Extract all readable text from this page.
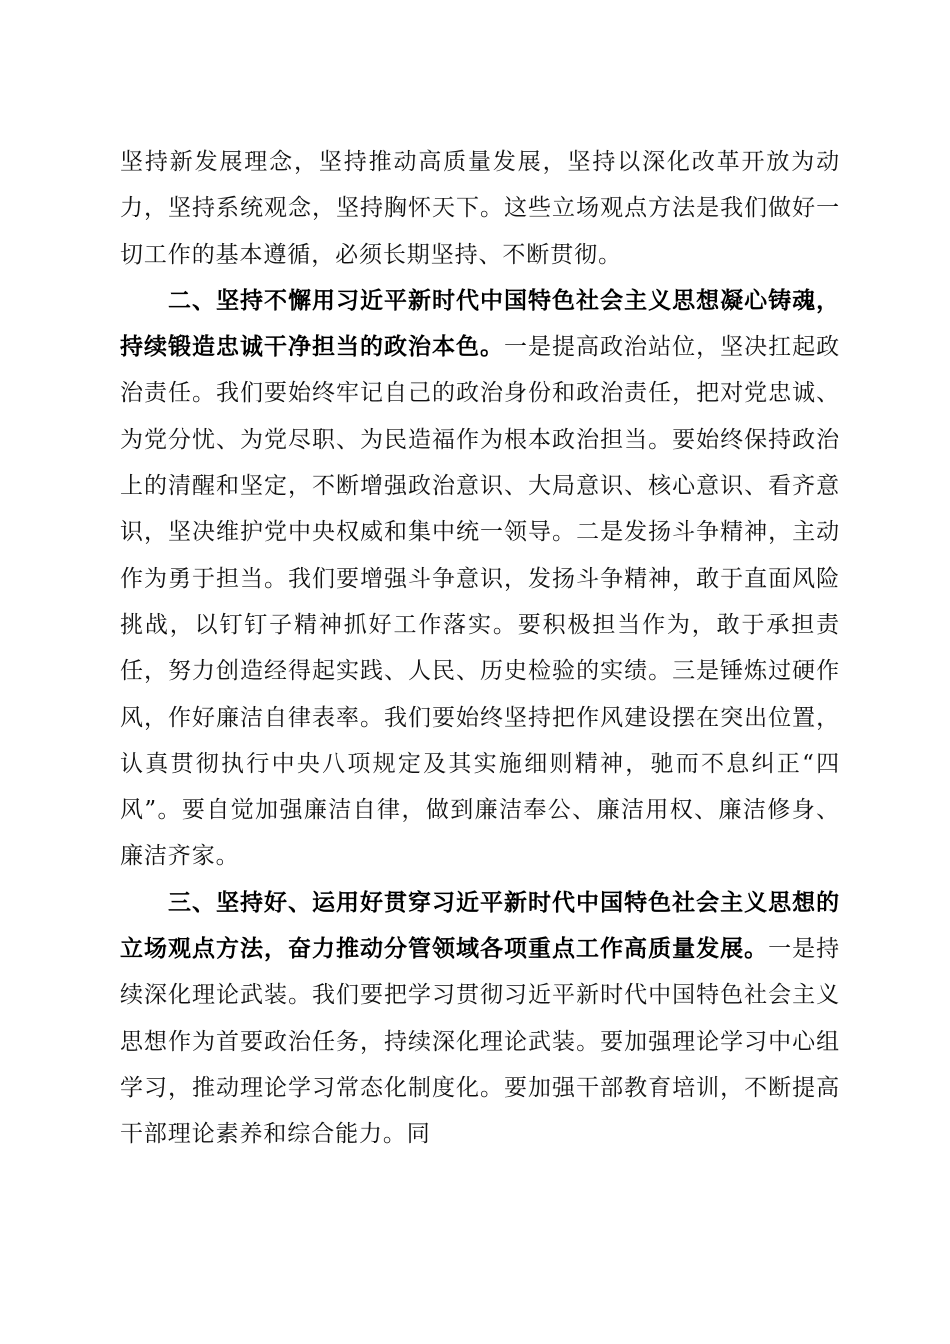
坚持新发展理念，坚持推动高质量发展，坚持以深化改革开放为动力，坚持系统观念，坚持胸怀天下。这些立场观点方法是我们做好一切工作的基本遵循，必须长期坚持、不断贯彻。

二、坚持不懈用习近平新时代中国特色社会主义思想凝心铸魂，持续锻造忠诚干净担当的政治本色。一是提高政治站位，坚决扛起政治责任。我们要始终牢记自己的政治身份和政治责任，把对党忠诚、为党分忧、为党尽职、为民造福作为根本政治担当。要始终保持政治上的清醒和坚定，不断增强政治意识、大局意识、核心意识、看齐意识，坚决维护党中央权威和集中统一领导。二是发扬斗争精神，主动作为勇于担当。我们要增强斗争意识，发扬斗争精神，敢于直面风险挑战，以钉钉子精神抓好工作落实。要积极担当作为，敢于承担责任，努力创造经得起实践、人民、历史检验的实绩。三是锤炼过硬作风，作好廉洁自律表率。我们要始终坚持把作风建设摆在突出位置，认真贯彻执行中央八项规定及其实施细则精神，驰而不息纠正“四风”。要自觉加强廉洁自律，做到廉洁奉公、廉洁用权、廉洁修身、廉洁齐家。

三、坚持好、运用好贯穿习近平新时代中国特色社会主义思想的立场观点方法，奋力推动分管领域各项重点工作高质量发展。一是持续深化理论武装。我们要把学习贯彻习近平新时代中国特色社会主义思想作为首要政治任务，持续深化理论武装。要加强理论学习中心组学习，推动理论学习常态化制度化。要加强干部教育培训，不断提高干部理论素养和综合能力。同
